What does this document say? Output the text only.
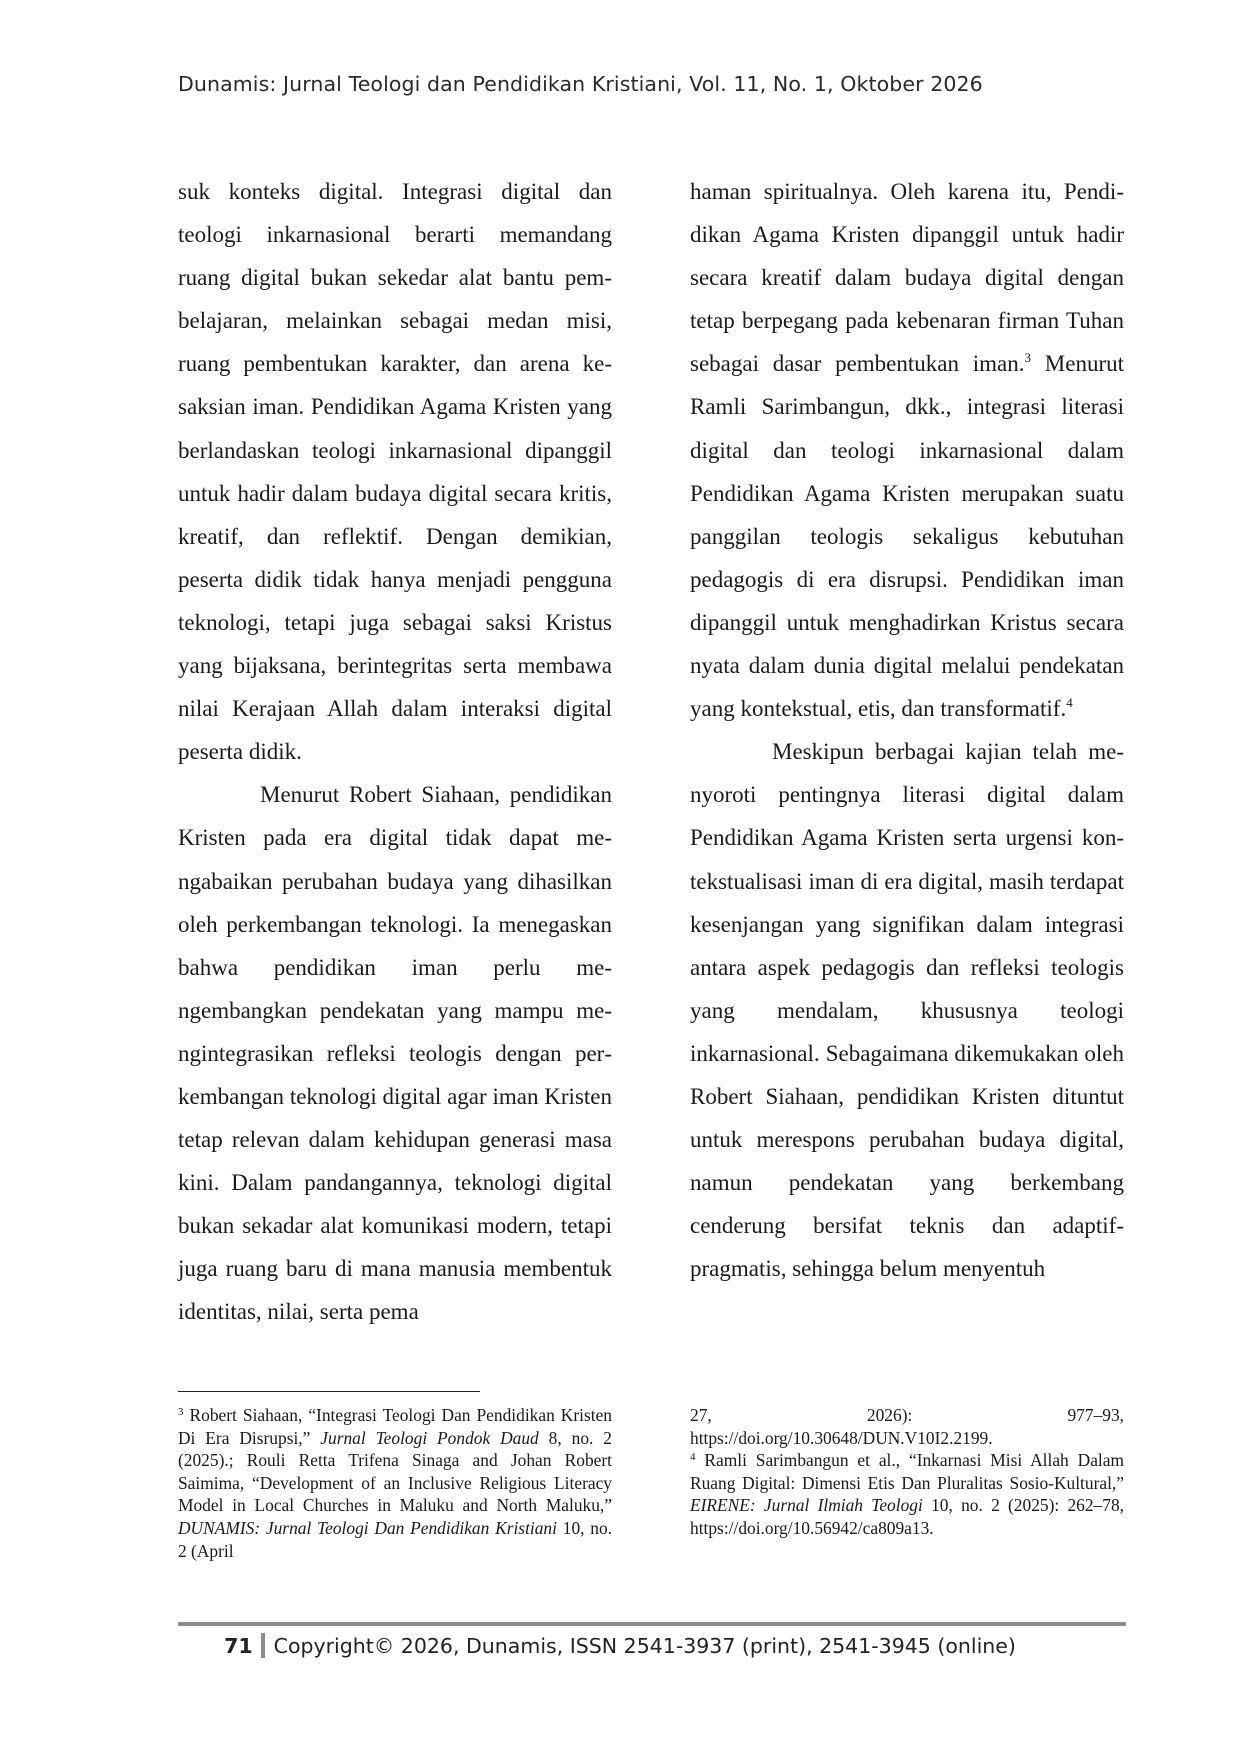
Dunamis: Jurnal Teologi dan Pendidikan Kristiani, Vol. 11, No. 1, Oktober 2026

suk konteks digital. Integrasi digital dan teologi inkarnasional berarti memandang ruang digital bukan sekedar alat bantu pembelajaran, melainkan sebagai medan misi, ruang pembentukan karakter, dan arena kesaksian iman. Pendidikan Agama Kristen yang berlandaskan teologi inkarnasional dipanggil untuk hadir dalam budaya digital secara kritis, kreatif, dan reflektif. Dengan demikian, peserta didik tidak hanya menjadi pengguna teknologi, tetapi juga sebagai saksi Kristus yang bijaksana, berintegritas serta membawa nilai Kerajaan Allah dalam interaksi digital peserta didik.

Menurut Robert Siahaan, pendidikan Kristen pada era digital tidak dapat mengabaikan perubahan budaya yang dihasilkan oleh perkembangan teknologi. Ia menegaskan bahwa pendidikan iman perlu mengembangkan pendekatan yang mampu mengintegrasikan refleksi teologis dengan perkembangan teknologi digital agar iman Kristen tetap relevan dalam kehidupan generasi masa kini. Dalam pandangannya, teknologi digital bukan sekadar alat komunikasi modern, tetapi juga ruang baru di mana manusia membentuk identitas, nilai, serta pema

haman spiritualnya. Oleh karena itu, Pendidikan Agama Kristen dipanggil untuk hadir secara kreatif dalam budaya digital dengan tetap berpegang pada kebenaran firman Tuhan sebagai dasar pembentukan iman.$^3$ Menurut Ramli Sarimbangun, dkk., integrasi literasi digital dan teologi inkarnasional dalam Pendidikan Agama Kristen merupakan suatu panggilan teologis sekaligus kebutuhan pedagogis di era disrupsi. Pendidikan iman dipanggil untuk menghadirkan Kristus secara nyata dalam dunia digital melalui pendekatan yang kontekstual, etis, dan transformatif.$^4$

Meskipun berbagai kajian telah menyoroti pentingnya literasi digital dalam Pendidikan Agama Kristen serta urgensi kontekstualisasi iman di era digital, masih terdapat kesenjangan yang signifikan dalam integrasi antara aspek pedagogis dan refleksi teologis yang mendalam, khususnya teologi inkarnasional. Sebagaimana dikemukakan oleh Robert Siahaan, pendidikan Kristen dituntut untuk merespons perubahan budaya digital, namun pendekatan yang berkembang cenderung bersifat teknis dan adaptif-pragmatis, sehingga belum menyentuh

$^3$ Robert Siahaan, “Integrasi Teologi Dan Pendidikan Kristen Di Era Disrupsi,” Jurnal Teologi Pondok Daud 8, no. 2 (2025).; Rouli Retta Trifena Sinaga and Johan Robert Saimima, “Development of an Inclusive Religious Literacy Model in Local Churches in Maluku and North Maluku,” DUNAMIS: Jurnal Teologi Dan Pendidikan Kristiani 10, no. 2 (April

27, 2026): 977–93, https://doi.org/10.30648/DUN.V10I2.2199.

$^4$ Ramli Sarimbangun et al., “Inkarnasi Misi Allah Dalam Ruang Digital: Dimensi Etis Dan Pluralitas Sosio-Kultural,” EIRENE: Jurnal Ilmiah Teologi 10, no. 2 (2025): 262–78, https://doi.org/10.56942/ca809a13.

71 Copyright© 2026, Dunamis, ISSN 2541-3937 (print), 2541-3945 (online)
